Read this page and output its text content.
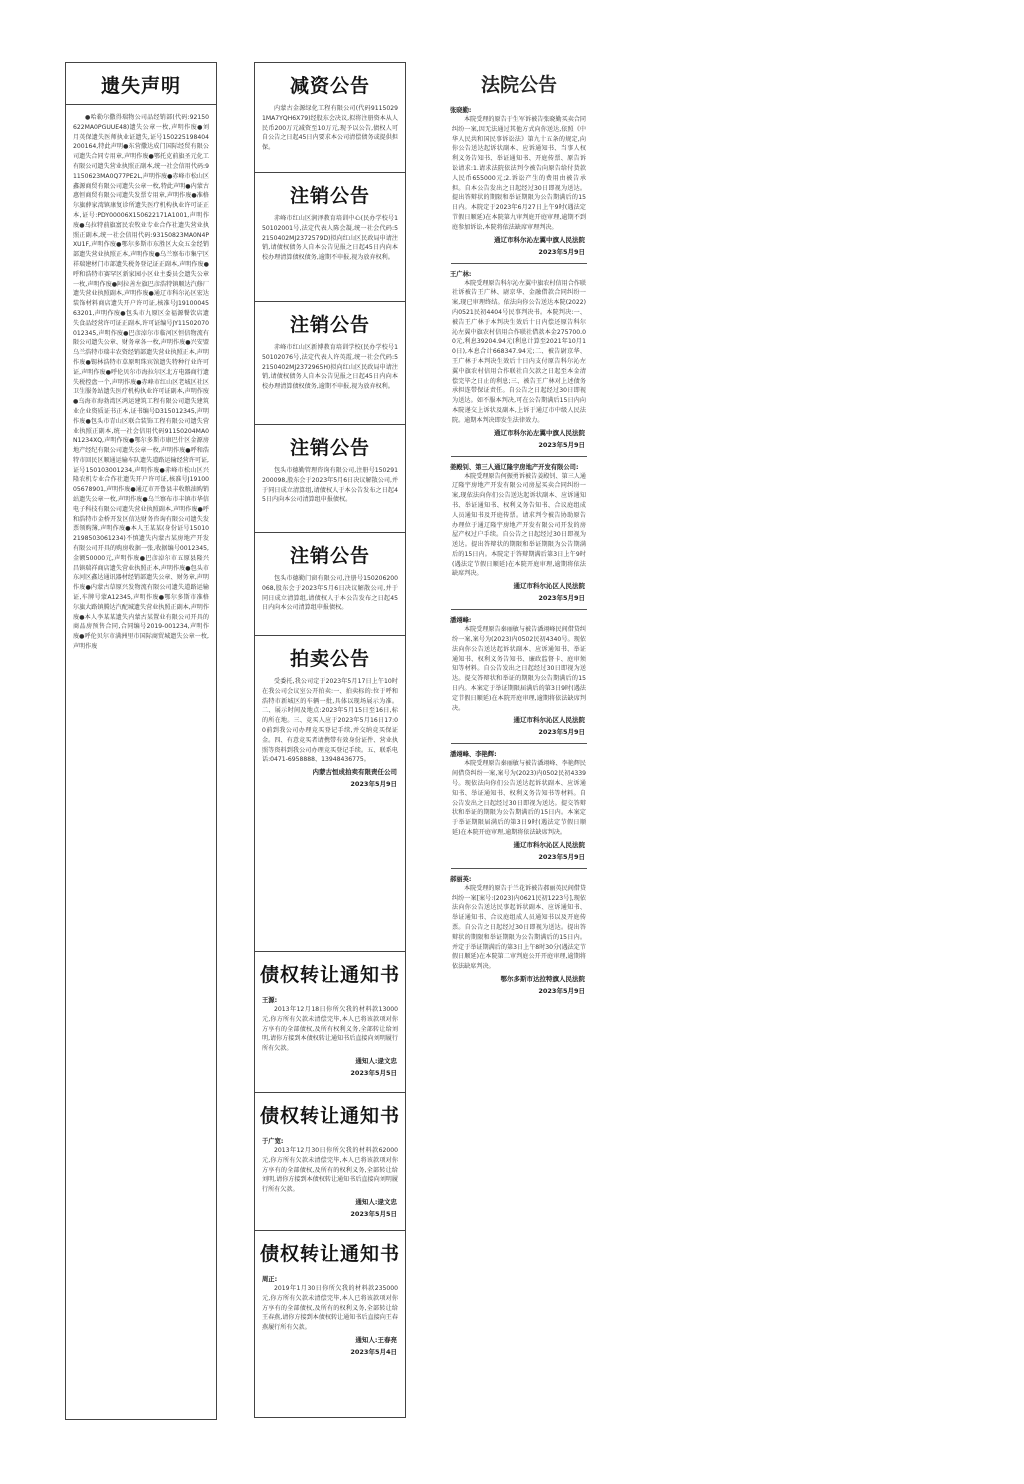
遗失声明
●哈勒尔撒得瑞物公司品经销部(代码:92150622MA0PGUUE48)遗失公章一枚,声明作废●刘月英保遗失医师执业证遗失,证号150225198404200164,特此声明●东营撒达成门国际经贸有限公司遗失合同专用章,声明作废●鄂托克前旗圣元化工有限公司遗失营业执照正副本,统一社会信用代码:91150623MA0Q77PE2L,声明作废●赤峰市松山区鑫源商贸有限公司遗失公章一枚,特此声明●内蒙古惠恒商贸有限公司遗失发票专用章,声明作废●准格尔旗薛家湾镇康复诊所遗失医疗机构执业许可证正本,证号:PDY00006X150622171A1001,声明作废●乌拉特前旗富民农牧业专业合作社遗失营业执照正副本,统一社会信用代码:93150823MA0N4PXU1F,声明作废●鄂尔多斯市东胜区大众五金经销部遗失营业执照正本,声明作废●乌兰察布市集宁区祥瑞建材门市部遗失税务登记证正副本,声明作废●呼和浩特市赛罕区新家园小区业主委员会遗失公章一枚,声明作废●阿拉善左旗巴彦浩特镇顺达汽修厂遗失营业执照副本,声明作废●通辽市科尔沁区宏达装饰材料商店遗失开户许可证,核准号J1910004563201,声明作废●包头市九原区金福源餐饮店遗失食品经营许可证正副本,许可证编号JY11502070012345,声明作废●巴彦淖尔市临河区恒信物流有限公司遗失公章、财务章各一枚,声明作废●兴安盟乌兰浩特市瑞丰农资经销部遗失营业执照正本,声明作废●锡林浩特市草原明珠宾馆遗失特种行业许可证,声明作废●呼伦贝尔市海拉尔区北方电器商行遗失税控盘一个,声明作废●赤峰市红山区老城区社区卫生服务站遗失医疗机构执业许可证副本,声明作废●乌海市海勃湾区鸿运建筑工程有限公司遗失建筑业企业资质证书正本,证书编号D315012345,声明作废●包头市青山区联合装饰工程有限公司遗失营业执照正副本,统一社会信用代码91150204MA0N1234XQ,声明作废●鄂尔多斯市康巴什区金源房地产经纪有限公司遗失公章一枚,声明作废●呼和浩特市回民区顺通运输车队遗失道路运输经营许可证,证号150103001234,声明作废●赤峰市松山区兴隆农机专业合作社遗失开户许可证,核准号J1910005678901,声明作废●通辽市开鲁县丰收粮油购销站遗失公章一枚,声明作废●乌兰察布市丰镇市华信电子科技有限公司遗失营业执照副本,声明作废●呼和浩特市金桥开发区信达财务咨询有限公司遗失发票领购簿,声明作废●本人王某某(身份证号150102198503061234)不慎遗失内蒙古某房地产开发有限公司开具的购房收据一张,收据编号0012345,金额50000元,声明作废●巴彦淖尔市五原县隆兴昌镇瑞祥商店遗失营业执照正本,声明作废●包头市东河区鑫达通讯器材经销部遗失公章、财务章,声明作废●内蒙古草原兴发物流有限公司遗失道路运输证,车牌号蒙A12345,声明作废●鄂尔多斯市准格尔旗大路镇腾达汽配城遗失营业执照正副本,声明作废●本人李某某遗失内蒙古某置业有限公司开具的商品房预售合同,合同编号2019-001234,声明作废●呼伦贝尔市满洲里市国际商贸城遗失公章一枚,声明作废
减资公告
内蒙古金源绿化工程有限公司(代码91150291MA7YQH6X79)经股东会决议,拟将注册资本从人民币200万元减资至10万元,现予以公告,债权人可自公告之日起45日内要求本公司清偿债务或提供担保。
注销公告
赤峰市红山区润泽教育培训中心(民办学校号150102001号,法定代表人陈会凝,统一社会代码:52150402MJ2372579D)拟向红山区民政局申请注销,请债权债务人自本公告见报之日起45日内向本校办理清算债权债务,逾期不申报,视为放弃权利。
注销公告
赤峰市红山区新博教育培训学校(民办学校号150102076号,法定代表人许英霞,统一社会代码:52150402MJ2372965H)拟向红山区民政局申请注销,请债权债务人自本公告见报之日起45日内向本校办理清算债权债务,逾期不申报,视为放弃权利。
注销公告
包头市德勤管理咨询有限公司,注册号150291200098,股东会于2023年5月6日决议解散公司,并于同日成立清算组,请债权人于本公告发布之日起45日内向本公司清算组申报债权。
注销公告
包头市德勤门窗有限公司,注册号150206200068,股东会于2023年5月6日决议解散公司,并于同日成立清算组,请债权人于本公告发布之日起45日内向本公司清算组申报债权。
拍卖公告
受委托,我公司定于2023年5月17日上午10时在我公司会议室公开拍卖:一、拍卖标的:位于呼和浩特市新城区的车辆一批,具体以现场展示为准。二、展示时间及地点:2023年5月15日至16日,标的所在地。三、竞买人应于2023年5月16日17:00前到我公司办理竞买登记手续,并交纳竞买保证金。四、有意竞买者请携带有效身份证件、营业执照等资料到我公司办理竞买登记手续。五、联系电话:0471-6958888、13948436775。
内蒙古恒成拍卖有限责任公司
2023年5月9日
债权转让通知书
王源:
2013年12月18日你所欠我的材料款13000元,你方所有欠款未清偿完毕,本人已将该款项对你方享有的全部债权,及所有权利义务,全部转让给刘明,请你方接到本债权转让通知书后直接向刘明履行所有欠款。
通知人:逯文忠
2023年5月5日
债权转让通知书
于广宽:
2013年12月30日你所欠我的材料款62000元,你方所有欠款未清偿完毕,本人已将该款项对你方享有的全部债权,及所有的权利义务,全部转让给刘明,请你方接到本债权转让通知书后直接向刘明履行所有欠款。
通知人:逯文忠
2023年5月5日
债权转让通知书
周正:
2019年1月30日你所欠我的材料款235000元,你方所有欠款未清偿完毕,本人已将该款项对你方享有的全部债权,及所有的权利义务,全部转让给王春燕,请你方接到本债权转让通知书后直接向王春燕履行所有欠款。
通知人:王春亮
2023年5月4日
法院公告
张晓勤:
本院受理的原告于生军诉被告张晓勤买卖合同纠纷一案,因无法通过其他方式向你送达,依照《中华人民共和国民事诉讼法》第九十五条的规定,向你公告送达起诉状副本、应诉通知书、当事人权利义务告知书、举证通知书、开庭传票、原告诉讼请求:1.请求法院依法判令被告向原告给付货款人民币655000元;2.诉讼产生的费用由被告承担。自本公告发出之日起经过30日即视为送达。提出答辩状的期限和举证期限为公告期满后的15日内。本院定于2023年6月27日上午9时(遇法定节假日顺延)在本院第九审判庭开庭审理,逾期不到庭参加诉讼,本院将依法缺席审理判决。
通辽市科尔沁左翼中旗人民法院
2023年5月9日
王广林:
本院受理原告科尔沁左翼中旗农村信用合作联社诉被告王广林、尉京华、金融借款合同纠纷一案,现已审理终结。依法向你公告送达本院(2022)内0521民初4404号民事判决书。本院判决:一、被告王广林于本判决生效后十日内偿还原告科尔沁左翼中旗农村信用合作联社借款本金275700.00元,利息39204.94元(利息计算至2021年10月10日),本息合计668347.94元;二、被告尉京华、王广林于本判决生效后十日内支付原告科尔沁左翼中旗农村信用合作联社自欠款之日起至本金清偿完毕之日止的利息;三、被告王广林对上述债务承担连带保证责任。自公告之日起经过30日即视为送达。如不服本判决,可在公告期满后15日内向本院递交上诉状及副本,上诉于通辽市中级人民法院。逾期本判决即发生法律效力。
通辽市科尔沁左翼中旗人民法院
2023年5月9日
姜殿钊、第三人通辽隆宇房地产开发有限公司:
本院受理原告何振勇诉被告姜殿钊、第三人通辽隆宇房地产开发有限公司房屋买卖合同纠纷一案,现依法向你们公告送达起诉状副本、应诉通知书、举证通知书、权利义务告知书、合议庭组成人员通知书及开庭传票。请求判令被告协助原告办理位于通辽隆宇房地产开发有限公司开发的房屋产权过户手续。自公告之日起经过30日即视为送达。提出答辩状的期限和举证期限为公告期满后的15日内。本院定于答辩期满后第3日上午9时(遇法定节假日顺延)在本院开庭审理,逾期将依法缺席判决。
通辽市科尔沁区人民法院
2023年5月9日
潘翊峰:
本院受理原告秦丽敏与被告潘翊峰民间借贷纠纷一案,案号为(2023)内0502民初4340号。现依法向你公告送达起诉状副本、应诉通知书、举证通知书、权利义务告知书、廉政监督卡、庭审须知等材料。自公告发出之日起经过30日即视为送达。提交答辩状和举证的期限为公告期满后的15日内。本案定于举证期限届满后的第3日9时(遇法定节假日顺延)在本院开庭审理,逾期将依法缺席判决。
通辽市科尔沁区人民法院
2023年5月9日
潘翊峰、李艳辉:
本院受理原告秦丽敏与被告潘翊峰、李艳辉民间借贷纠纷一案,案号为(2023)内0502民初4339号。现依法向你们公告送达起诉状副本、应诉通知书、举证通知书、权利义务告知书等材料。自公告发出之日起经过30日即视为送达。提交答辩状和举证的期限为公告期满后的15日内。本案定于举证期限届满后的第3日9时(遇法定节假日顺延)在本院开庭审理,逾期将依法缺席判决。
通辽市科尔沁区人民法院
2023年5月9日
郝丽英:
本院受理的原告于兰花诉被告郝丽英民间借贷纠纷一案[案号:(2023)内0621民初1223号],现依法向你公告送达民事起诉状副本、应诉通知书、举证通知书、合议庭组成人员通知书以及开庭传票。自公告之日起经过30日即视为送达。提出答辩状的期限和举证期限为公告期满后的15日内。并定于举证期满后的第3日上午8时30分(遇法定节假日顺延)在本院第二审判庭公开开庭审理,逾期将依法缺席判决。
鄂尔多斯市达拉特旗人民法院
2023年5月9日
